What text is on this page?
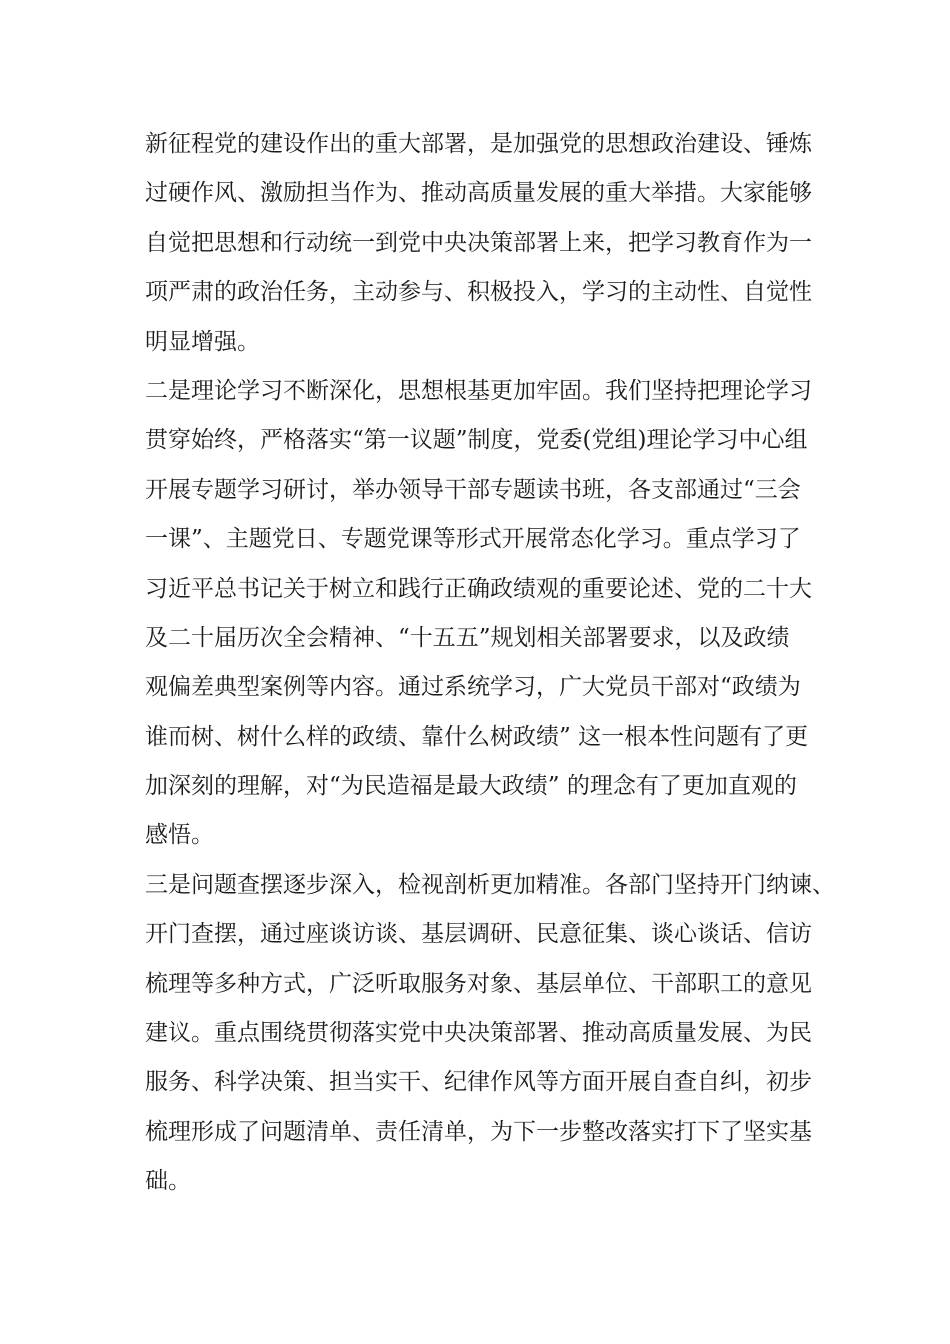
新征程党的建设作出的重大部署，是加强党的思想政治建设、锤炼
过硬作风、激励担当作为、推动高质量发展的重大举措。大家能够
自觉把思想和行动统一到党中央决策部署上来，把学习教育作为一
项严肃的政治任务，主动参与、积极投入，学习的主动性、自觉性
明显增强。
二是理论学习不断深化，思想根基更加牢固。我们坚持把理论学习
贯穿始终，严格落实“第一议题”制度，党委(党组)理论学习中心组
开展专题学习研讨，举办领导干部专题读书班，各支部通过“三会
一课”、主题党日、专题党课等形式开展常态化学习。重点学习了
习近平总书记关于树立和践行正确政绩观的重要论述、党的二十大
及二十届历次全会精神、“十五五”规划相关部署要求，以及政绩
观偏差典型案例等内容。通过系统学习，广大党员干部对“政绩为
谁而树、树什么样的政绩、靠什么树政绩” 这一根本性问题有了更
加深刻的理解，对“为民造福是最大政绩” 的理念有了更加直观的
感悟。
三是问题查摆逐步深入，检视剖析更加精准。各部门坚持开门纳谏、
开门查摆，通过座谈访谈、基层调研、民意征集、谈心谈话、信访
梳理等多种方式，广泛听取服务对象、基层单位、干部职工的意见
建议。重点围绕贯彻落实党中央决策部署、推动高质量发展、为民
服务、科学决策、担当实干、纪律作风等方面开展自查自纠，初步
梳理形成了问题清单、责任清单，为下一步整改落实打下了坚实基
础。
